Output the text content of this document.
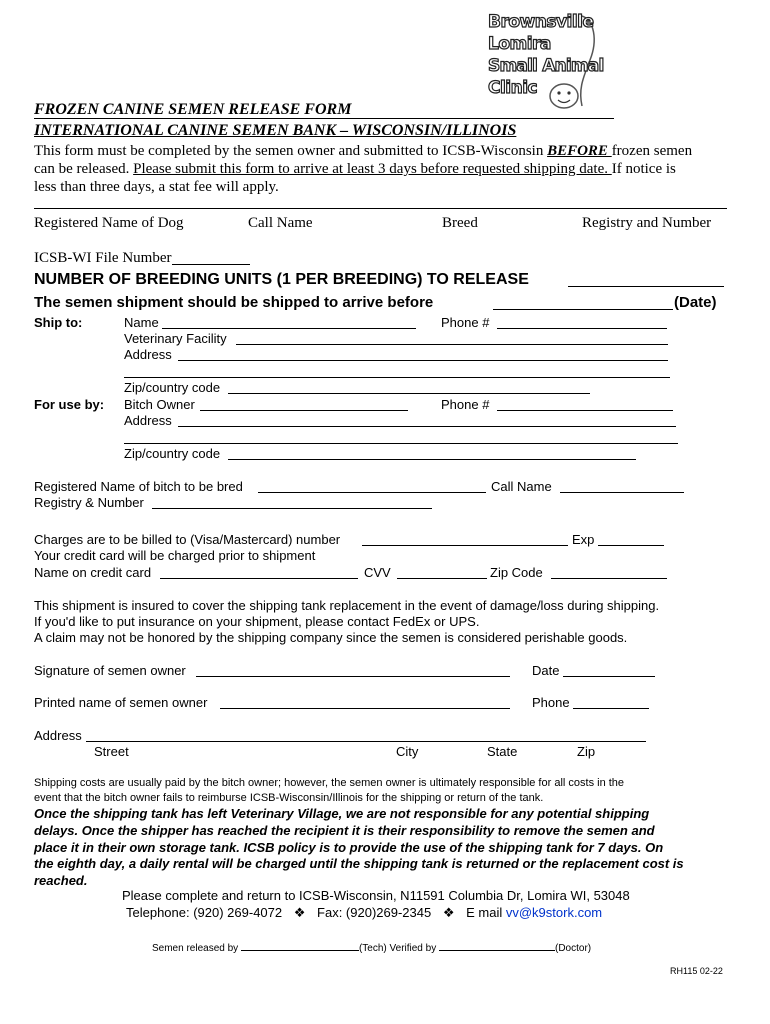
Brownsville
Lomira
Small Animal
Clinic
FROZEN CANINE SEMEN RELEASE FORM
INTERNATIONAL CANINE SEMEN BANK – WISCONSIN/ILLINOIS
This form must be completed by the semen owner and submitted to ICSB-Wisconsin BEFORE frozen semen
can be released. Please submit this form to arrive at least 3 days before requested shipping date. If notice is
less than three days, a stat fee will apply.
Registered Name of Dog	Call Name	Breed	Registry and Number
ICSB-WI File Number
NUMBER OF BREEDING UNITS (1 PER BREEDING) TO RELEASE
The semen shipment should be shipped to arrive before	(Date)
Ship to:	Name	Phone #
Veterinary Facility
Address
Zip/country code
For use by: Bitch Owner	Phone #
Address
Zip/country code
Registered Name of bitch to be bred	Call Name
Registry & Number
Charges are to be billed to (Visa/Mastercard) number	Exp
Your credit card will be charged prior to shipment
Name on credit card	CVV	Zip Code
This shipment is insured to cover the shipping tank replacement in the event of damage/loss during shipping.
If you'd like to put insurance on your shipment, please contact FedEx or UPS.
A claim may not be honored by the shipping company since the semen is considered perishable goods.
Signature of semen owner	Date
Printed name of semen owner	Phone
Address
Street	City	State	Zip
Shipping costs are usually paid by the bitch owner; however, the semen owner is ultimately responsible for all costs in the
event that the bitch owner fails to reimburse ICSB-Wisconsin/Illinois for the shipping or return of the tank.
Once the shipping tank has left Veterinary Village, we are not responsible for any potential shipping
delays. Once the shipper has reached the recipient it is their responsibility to remove the semen and
place it in their own storage tank. ICSB policy is to provide the use of the shipping tank for 7 days. On
the eighth day, a daily rental will be charged until the shipping tank is returned or the replacement cost is
reached.
Please complete and return to ICSB-Wisconsin, N11591 Columbia Dr, Lomira WI, 53048
Telephone: (920) 269-4072 ❖ Fax: (920)269-2345 ❖ E mail vv@k9stork.com
Semen released by	(Tech) Verified by	(Doctor)
RH115 02-22
